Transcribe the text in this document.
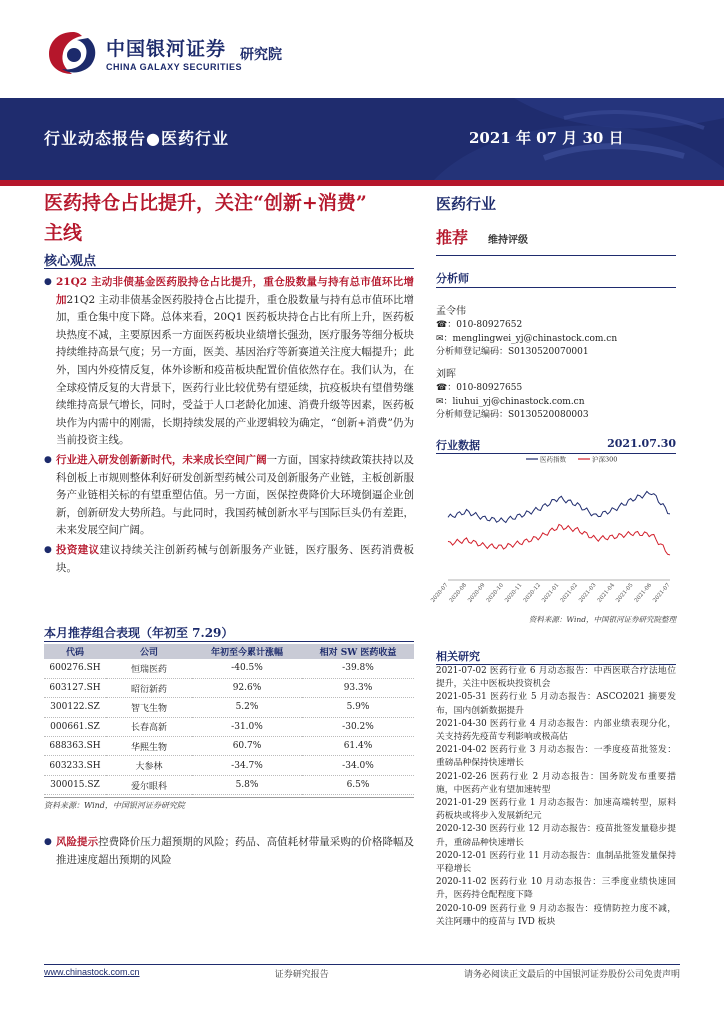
中国银河证券
CHINA GALAXY SECURITIES
研究院
行业动态报告●医药行业	2021 年 07 月 30 日
医药持仓占比提升，关注“创新+消费”
主线
医药行业
推荐 维持评级
核心观点
● 21Q2 主动非债基金医药股持仓占比提升，重仓股数量与持有总市值环比增加21Q2 主动非债基金医药股持仓占比提升，重仓股数量与持有总市值环比增加，重仓集中度下降。总体来看，20Q1 医药板块持仓占比有所上升，医药板块热度不减，主要原因系一方面医药板块业绩增长强劲，医疗服务等细分板块持续维持高景气度；另一方面，医美、基因治疗等新赛道关注度大幅提升；此外，国内外疫情反复，体外诊断和疫苗板块配置价值依然存在。我们认为，在全球疫情反复的大背景下，医药行业比较优势有望延续，抗疫板块有望借势继续维持高景气增长，同时，受益于人口老龄化加速、消费升级等因素，医药板块作为内需中的刚需，长期持续发展的产业逻辑较为确定，“创新+消费”仍为当前投资主线。
● 行业进入研发创新新时代，未来成长空间广阔一方面，国家持续政策扶持以及科创板上市规则整体利好研发创新型药械公司及创新服务产业链，主板创新服务产业链相关标的有望重塑估值。另一方面，医保控费降价大环境倒逼企业创新，创新研发大势所趋。与此同时，我国药械创新水平与国际巨头仍有差距，未来发展空间广阔。
● 投资建议建议持续关注创新药械与创新服务产业链，医疗服务、医药消费板块。
本月推荐组合表现（年初至 7.29）
代码	公司	年初至今累计涨幅	相对 SW 医药收益
600276.SH	恒瑞医药	-40.5%	-39.8%
603127.SH	昭衍新药	92.6%	93.3%
300122.SZ	智飞生物	5.2%	5.9%
000661.SZ	长春高新	-31.0%	-30.2%
688363.SH	华熙生物	60.7%	61.4%
603233.SH	大参林	-34.7%	-34.0%
300015.SZ	爱尔眼科	5.8%	6.5%
资料来源：Wind，中国银河证券研究院
● 风险提示控费降价压力超预期的风险；药品、高值耗材带量采购的价格降幅及推进速度超出预期的风险
分析师
孟令伟
☎：010-80927652
✉：menglingwei_yj@chinastock.com.cn
分析师登记编码：S0130520070001
刘晖
☎：010-80927655
✉：liuhui_yj@chinastock.com.cn
分析师登记编码：S0130520080003
行业数据	2021.07.30
医药指数	沪深300
2020-07 2020-08 2020-09 2020-10 2020-11 2020-12 2021-01 2021-02 2021-03 2021-04 2021-05 2021-06 2021-07
资料来源：Wind，中国银河证券研究院整理
相关研究
2021-07-02 医药行业 6 月动态报告：中西医联合疗法地位提升，关注中医板块投资机会
2021-05-31 医药行业 5 月动态报告：ASCO2021 摘要发布，国内创新数据提升
2021-04-30 医药行业 4 月动态报告：内部业绩表现分化，关支持药先疫苗专利影响或极高估
2021-04-02 医药行业 3 月动态报告：一季度疫苗批签发：重磅品种保持快速增长
2021-02-26 医药行业 2 月动态报告：国务院发布重要措施，中医药产业有望加速转型
2021-01-29 医药行业 1 月动态报告：加速高端转型，原料药板块或将步入发展新纪元
2020-12-30 医药行业 12 月动态报告：疫苗批签发量稳步提升，重磅品种快速增长
2020-12-01 医药行业 11 月动态报告：血制品批签发量保持平稳增长
2020-11-02 医药行业 10 月动态报告：三季度业绩快速回升，医药持仓配程度下降
2020-10-09 医药行业 9 月动态报告：疫情防控力度不减，关注阿珊中的疫苗与 IVD 板块
www.chinastock.com.cn	证券研究报告	请务必阅读正文最后的中国银河证券股份公司免责声明
